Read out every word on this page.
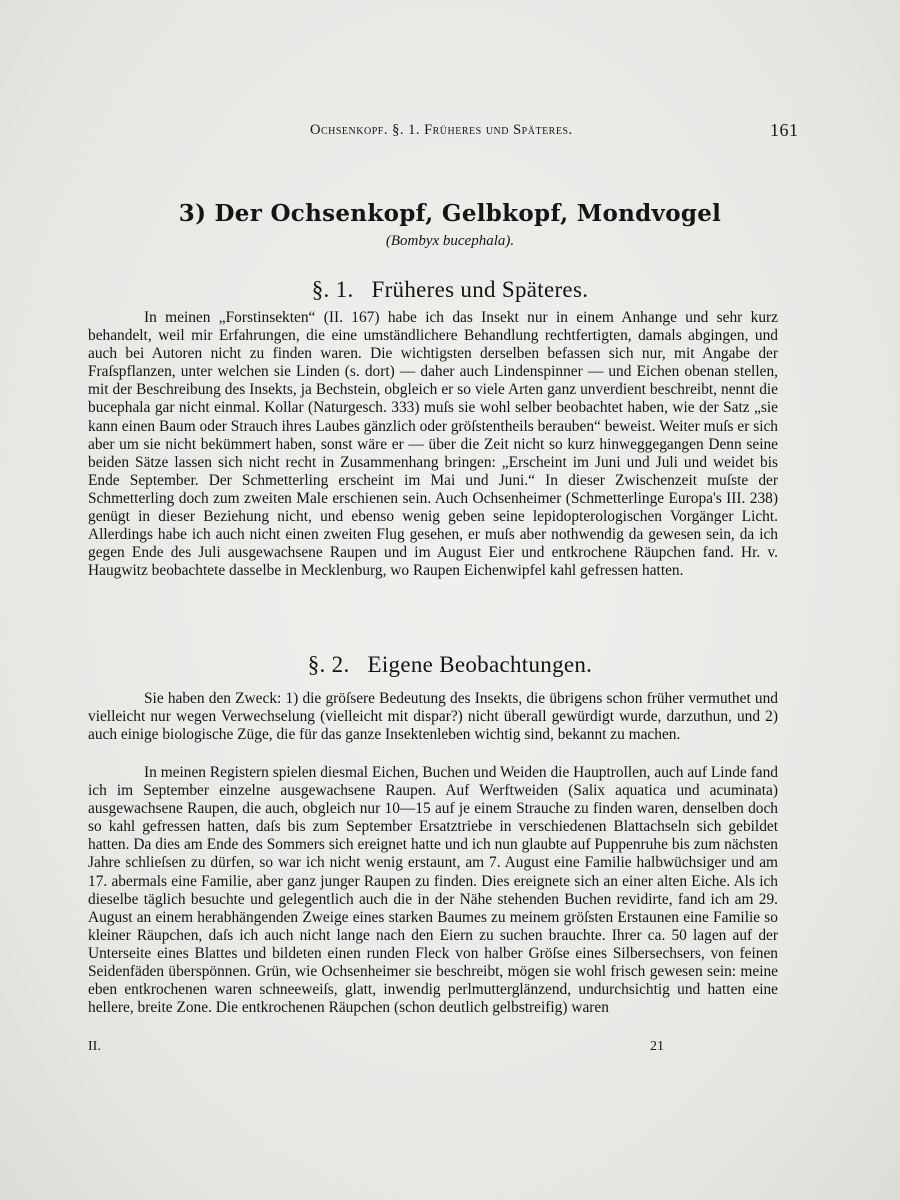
Ochsenkopf. §. 1. Früheres und Späteres.	161
3) Der Ochsenkopf, Gelbkopf, Mondvogel
(Bombyx bucephala).
§. 1. Früheres und Späteres.

In meinen „Forstinsekten“ (II. 167) habe ich das Insekt nur in einem Anhange und sehr kurz behandelt, weil mir Erfahrungen, die eine umständlichere Behandlung rechtfertigten, damals abgingen, und auch bei Autoren nicht zu finden waren. Die wichtigsten derselben befassen sich nur, mit Angabe der Fraſspflanzen, unter welchen sie Linden (s. dort) — daher auch Lindenspinner — und Eichen obenan stellen, mit der Beschreibung des Insekts, ja Bechstein, obgleich er so viele Arten ganz unverdient beschreibt, nennt die bucephala gar nicht einmal. Kollar (Naturgesch. 333) muſs sie wohl selber beobachtet haben, wie der Satz „sie kann einen Baum oder Strauch ihres Laubes gänzlich oder gröſstentheils berauben“ beweist. Weiter muſs er sich aber um sie nicht bekümmert haben, sonst wäre er — über die Zeit nicht so kurz hinweggegangen Denn seine beiden Sätze lassen sich nicht recht in Zusammenhang bringen: „Erscheint im Juni und Juli und weidet bis Ende September. Der Schmetterling erscheint im Mai und Juni.“ In dieser Zwischenzeit muſste der Schmetterling doch zum zweiten Male erschienen sein. Auch Ochsenheimer (Schmetterlinge Europa's III. 238) genügt in dieser Beziehung nicht, und ebenso wenig geben seine lepidopterologischen Vorgänger Licht. Allerdings habe ich auch nicht einen zweiten Flug gesehen, er muſs aber nothwendig da gewesen sein, da ich gegen Ende des Juli ausgewachsene Raupen und im August Eier und entkrochene Räupchen fand. Hr. v. Haugwitz beobachtete dasselbe in Mecklenburg, wo Raupen Eichenwipfel kahl gefressen hatten.

§. 2. Eigene Beobachtungen.

Sie haben den Zweck: 1) die gröſsere Bedeutung des Insekts, die übrigens schon früher vermuthet und vielleicht nur wegen Verwechselung (vielleicht mit dispar?) nicht überall gewürdigt wurde, darzuthun, und 2) auch einige biologische Züge, die für das ganze Insektenleben wichtig sind, bekannt zu machen.

In meinen Registern spielen diesmal Eichen, Buchen und Weiden die Hauptrollen, auch auf Linde fand ich im September einzelne ausgewachsene Raupen. Auf Werftweiden (Salix aquatica und acuminata) ausgewachsene Raupen, die auch, obgleich nur 10—15 auf je einem Strauche zu finden waren, denselben doch so kahl gefressen hatten, daſs bis zum September Ersatztriebe in verschiedenen Blattachseln sich gebildet hatten. Da dies am Ende des Sommers sich ereignet hatte und ich nun glaubte auf Puppenruhe bis zum nächsten Jahre schlieſsen zu dürfen, so war ich nicht wenig erstaunt, am 7. August eine Familie halbwüchsiger und am 17. abermals eine Familie, aber ganz junger Raupen zu finden. Dies ereignete sich an einer alten Eiche. Als ich dieselbe täglich besuchte und gelegentlich auch die in der Nähe stehenden Buchen revidirte, fand ich am 29. August an einem herabhängenden Zweige eines starken Baumes zu meinem gröſsten Erstaunen eine Familie so kleiner Räupchen, daſs ich auch nicht lange nach den Eiern zu suchen brauchte. Ihrer ca. 50 lagen auf der Unterseite eines Blattes und bildeten einen runden Fleck von halber Gröſse eines Silbersechsers, von feinen Seidenfäden überspönnen. Grün, wie Ochsenheimer sie beschreibt, mögen sie wohl frisch gewesen sein: meine eben entkrochenen waren schneeweiſs, glatt, inwendig perlmutterglänzend, undurchsichtig und hatten eine hellere, breite Zone. Die entkrochenen Räupchen (schon deutlich gelbstreifig) waren

II.	21
